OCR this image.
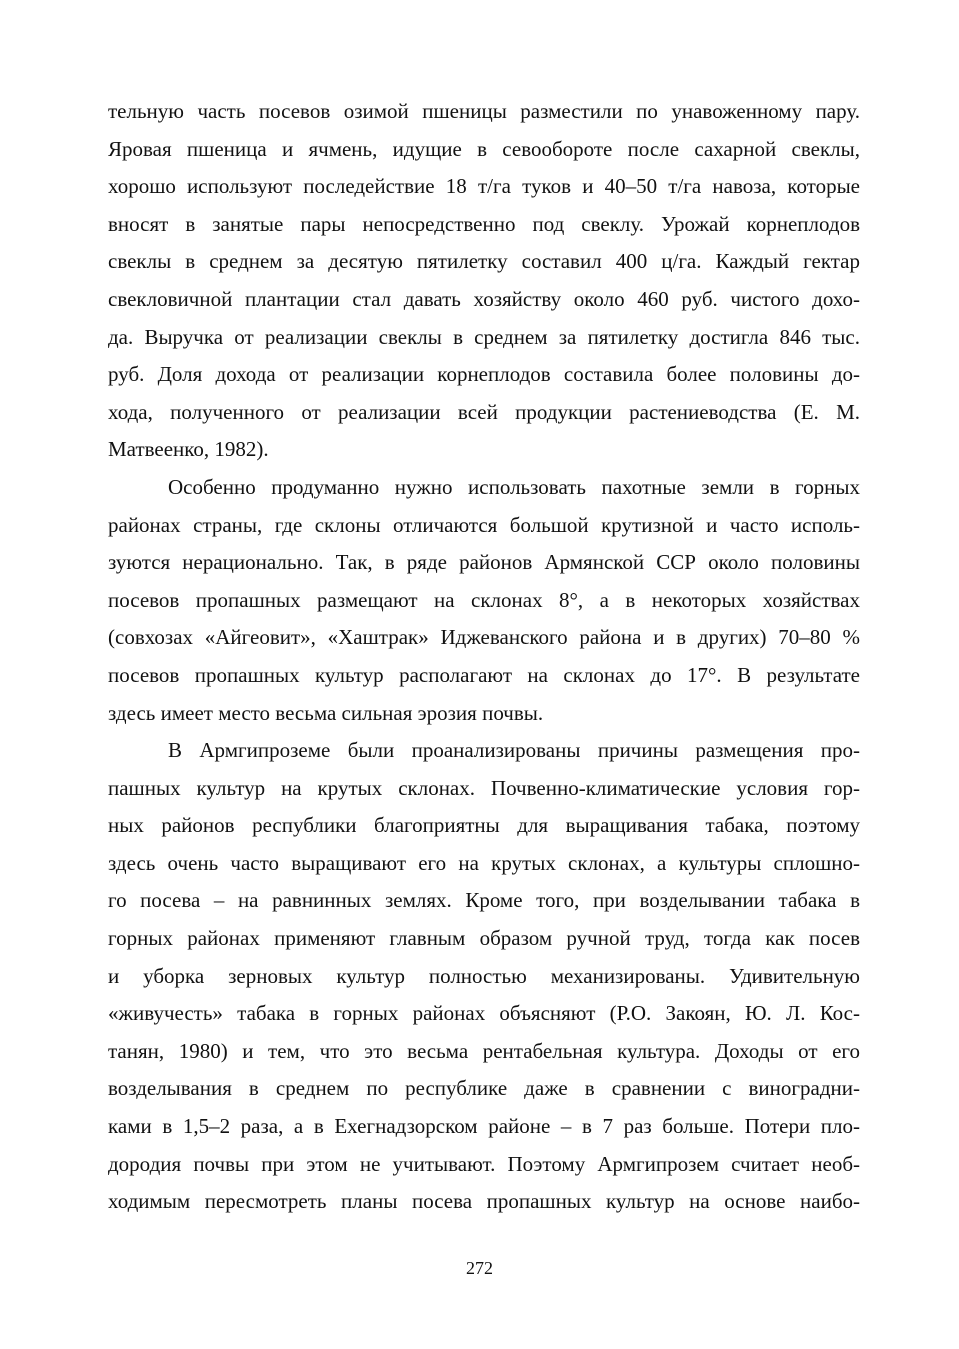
тельную часть посевов озимой пшеницы разместили по унавоженному пару.
Яровая пшеница и ячмень, идущие в севообороте после сахарной свеклы,
хорошо используют последействие 18 т/га туков и 40–50 т/га навоза, которые
вносят в занятые пары непосредственно под свеклу. Урожай корнеплодов
свеклы в среднем за десятую пятилетку составил 400 ц/га. Каждый гектар
свекловичной плантации стал давать хозяйству около 460 руб. чистого дохо-
да. Выручка от реализации свеклы в среднем за пятилетку достигла 846 тыс.
руб. Доля дохода от реализации корнеплодов составила более половины до-
хода, полученного от реализации всей продукции растениеводства (Е. М.
Матвеенко, 1982).

Особенно продуманно нужно использовать пахотные земли в горных
районах страны, где склоны отличаются большой крутизной и часто исполь-
зуются нерационально. Так, в ряде районов Армянской ССР около половины
посевов пропашных размещают на склонах 8°, а в некоторых хозяйствах
(совхозах «Айгеовит», «Хаштрак» Иджеванского района и в других) 70–80 %
посевов пропашных культур располагают на склонах до 17°. В результате
здесь имеет место весьма сильная эрозия почвы.

В Армгипроземе были проанализированы причины размещения про-
пашных культур на крутых склонах. Почвенно-климатические условия гор-
ных районов республики благоприятны для выращивания табака, поэтому
здесь очень часто выращивают его на крутых склонах, а культуры сплошно-
го посева – на равнинных землях. Кроме того, при возделывании табака в
горных районах применяют главным образом ручной труд, тогда как посев
и уборка зерновых культур полностью механизированы. Удивительную
«живучесть» табака в горных районах объясняют (Р.О. Закоян, Ю. Л. Кос-
танян, 1980) и тем, что это весьма рентабельная культура. Доходы от его
возделывания в среднем по республике даже в сравнении с виноградни-
ками в 1,5–2 раза, а в Ехегнадзорском районе – в 7 раз больше. Потери пло-
дородия почвы при этом не учитывают. Поэтому Армгипрозем считает необ-
ходимым пересмотреть планы посева пропашных культур на основе наибо-

272
